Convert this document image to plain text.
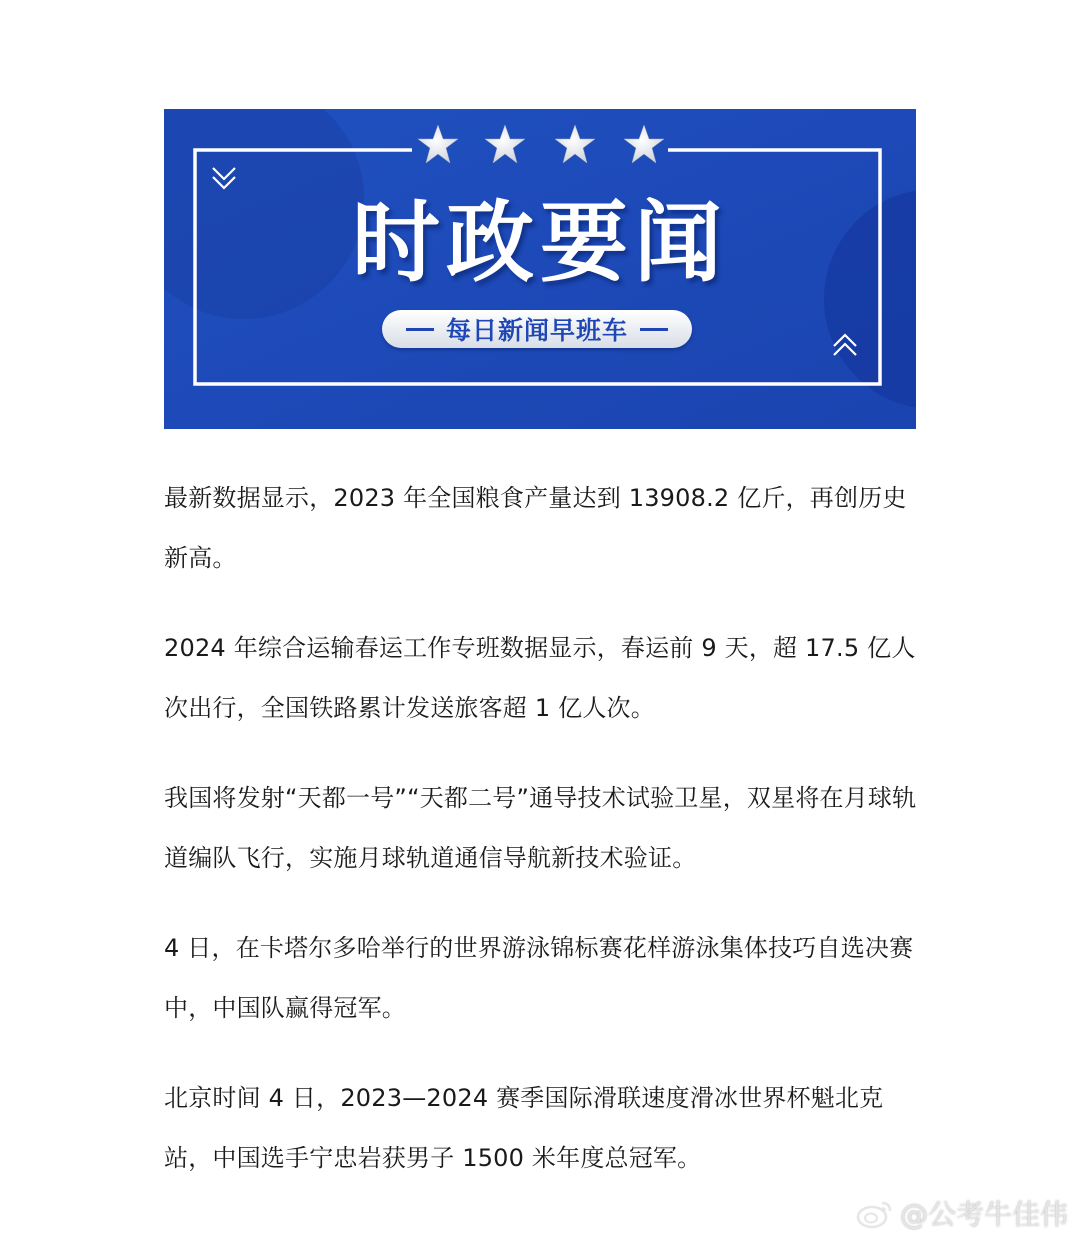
每日新闻早班车
时政要闻

最新数据显示，2023 年全国粮食产量达到 13908.2 亿斤，再创历史新高。

2024 年综合运输春运工作专班数据显示，春运前 9 天，超 17.5 亿人次出行，全国铁路累计发送旅客超 1 亿人次。

我国将发射“天都一号”“天都二号”通导技术试验卫星，双星将在月球轨道编队飞行，实施月球轨道通信导航新技术验证。

4 日，在卡塔尔多哈举行的世界游泳锦标赛花样游泳集体技巧自选决赛中，中国队赢得冠军。

北京时间 4 日，2023—2024 赛季国际滑联速度滑冰世界杯魁北克站，中国选手宁忠岩获男子 1500 米年度总冠军。

@公考牛佳伟
